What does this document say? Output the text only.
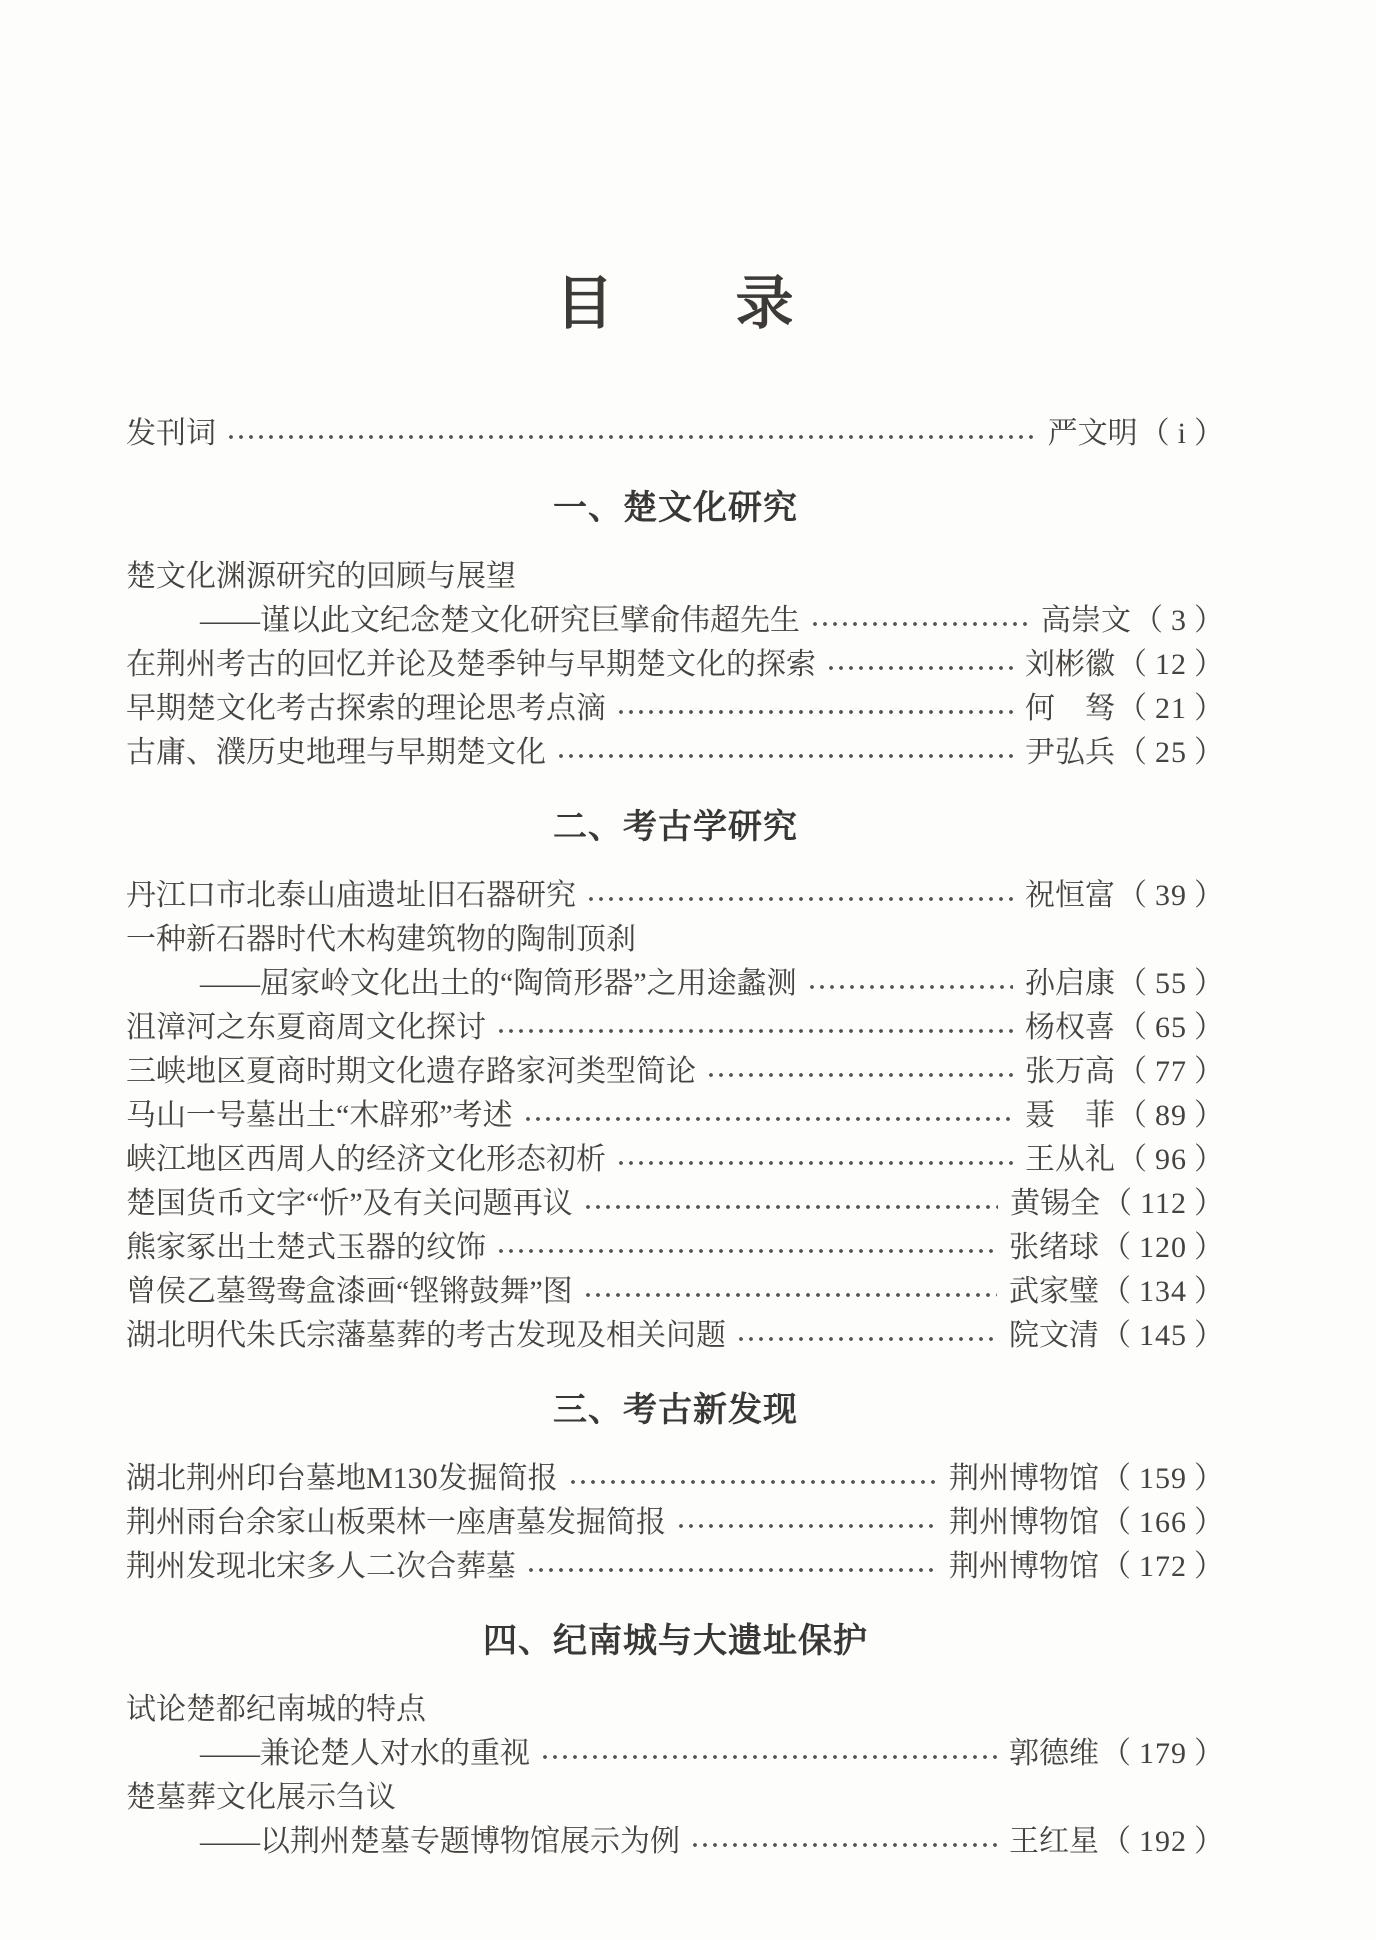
目　　录
发刊词	严文明 （ i ）
一、楚文化研究
楚文化渊源研究的回顾与展望
——谨以此文纪念楚文化研究巨擘俞伟超先生	高崇文 （ 3 ）
在荆州考古的回忆并论及楚季钟与早期楚文化的探索	刘彬徽 （ 12 ）
早期楚文化考古探索的理论思考点滴	何　驽 （ 21 ）
古庸、濮历史地理与早期楚文化	尹弘兵 （ 25 ）
二、考古学研究
丹江口市北泰山庙遗址旧石器研究	祝恒富 （ 39 ）
一种新石器时代木构建筑物的陶制顶刹
——屈家岭文化出土的“陶筒形器”之用途蠡测	孙启康 （ 55 ）
沮漳河之东夏商周文化探讨	杨权喜 （ 65 ）
三峡地区夏商时期文化遗存路家河类型简论	张万高 （ 77 ）
马山一号墓出土“木辟邪”考述	聂　菲 （ 89 ）
峡江地区西周人的经济文化形态初析	王从礼 （ 96 ）
楚国货币文字“忻”及有关问题再议	黄锡全 （ 112 ）
熊家冢出土楚式玉器的纹饰	张绪球 （ 120 ）
曾侯乙墓鸳鸯盒漆画“铿锵鼓舞”图	武家璧 （ 134 ）
湖北明代朱氏宗藩墓葬的考古发现及相关问题	院文清 （ 145 ）
三、考古新发现
湖北荆州印台墓地M130发掘简报	荆州博物馆 （ 159 ）
荆州雨台余家山板栗林一座唐墓发掘简报	荆州博物馆 （ 166 ）
荆州发现北宋多人二次合葬墓	荆州博物馆 （ 172 ）
四、纪南城与大遗址保护
试论楚都纪南城的特点
——兼论楚人对水的重视	郭德维 （ 179 ）
楚墓葬文化展示刍议
——以荆州楚墓专题博物馆展示为例	王红星 （ 192 ）
